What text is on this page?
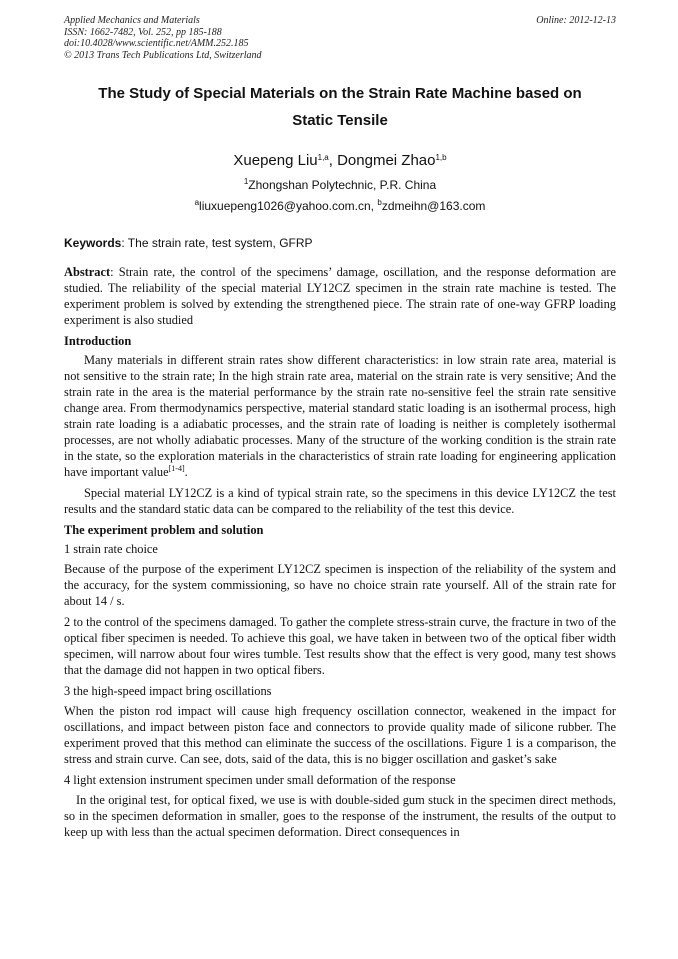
Applied Mechanics and Materials
ISSN: 1662-7482, Vol. 252, pp 185-188
doi:10.4028/www.scientific.net/AMM.252.185
© 2013 Trans Tech Publications Ltd, Switzerland
Online: 2012-12-13
The Study of Special Materials on the Strain Rate Machine based on
Static Tensile
Xuepeng Liu$^{1,a}$, Dongmei Zhao$^{1,b}$
$^1$Zhongshan Polytechnic, P.R. China
$^a$liuxuepeng1026@yahoo.com.cn, $^b$zdmeihn@163.com
Keywords: The strain rate, test system, GFRP

Abstract: Strain rate, the control of the specimens’ damage, oscillation, and the response deformation are studied. The reliability of the special material LY12CZ specimen in the strain rate machine is tested. The experiment problem is solved by extending the strengthened piece. The strain rate of one-way GFRP loading experiment is also studied

Introduction

Many materials in different strain rates show different characteristics: in low strain rate area, material is not sensitive to the strain rate; In the high strain rate area, material on the strain rate is very sensitive; And the strain rate in the area is the material performance by the strain rate no-sensitive feel the strain rate sensitive change area. From thermodynamics perspective, material standard static loading is an isothermal process, high strain rate loading is a adiabatic processes, and the strain rate of loading is neither is completely isothermal processes, are not wholly adiabatic processes. Many of the structure of the working condition is the strain rate in the state, so the exploration materials in the characteristics of strain rate loading for engineering application have important value[1-4].

Special material LY12CZ is a kind of typical strain rate, so the specimens in this device LY12CZ the test results and the standard static data can be compared to the reliability of the test this device.

The experiment problem and solution

1 strain rate choice

Because of the purpose of the experiment LY12CZ specimen is inspection of the reliability of the system and the accuracy, for the system commissioning, so have no choice strain rate yourself. All of the strain rate for about 14 / s.

2 to the control of the specimens damaged. To gather the complete stress-strain curve, the fracture in two of the optical fiber specimen is needed. To achieve this goal, we have taken in between two of the optical fiber width specimen, will narrow about four wires tumble. Test results show that the effect is very good, many test shows that the damage did not happen in two optical fibers.

3 the high-speed impact bring oscillations

When the piston rod impact will cause high frequency oscillation connector, weakened in the impact for oscillations, and impact between piston face and connectors to provide quality made of silicone rubber. The experiment proved that this method can eliminate the success of the oscillations. Figure 1 is a comparison, the stress and strain curve. Can see, dots, said of the data, this is no bigger oscillation and gasket’s sake

4 light extension instrument specimen under small deformation of the response

In the original test, for optical fixed, we use is with double-sided gum stuck in the specimen direct methods, so in the specimen deformation in smaller, goes to the response of the instrument, the results of the output to keep up with less than the actual specimen deformation. Direct consequences in
